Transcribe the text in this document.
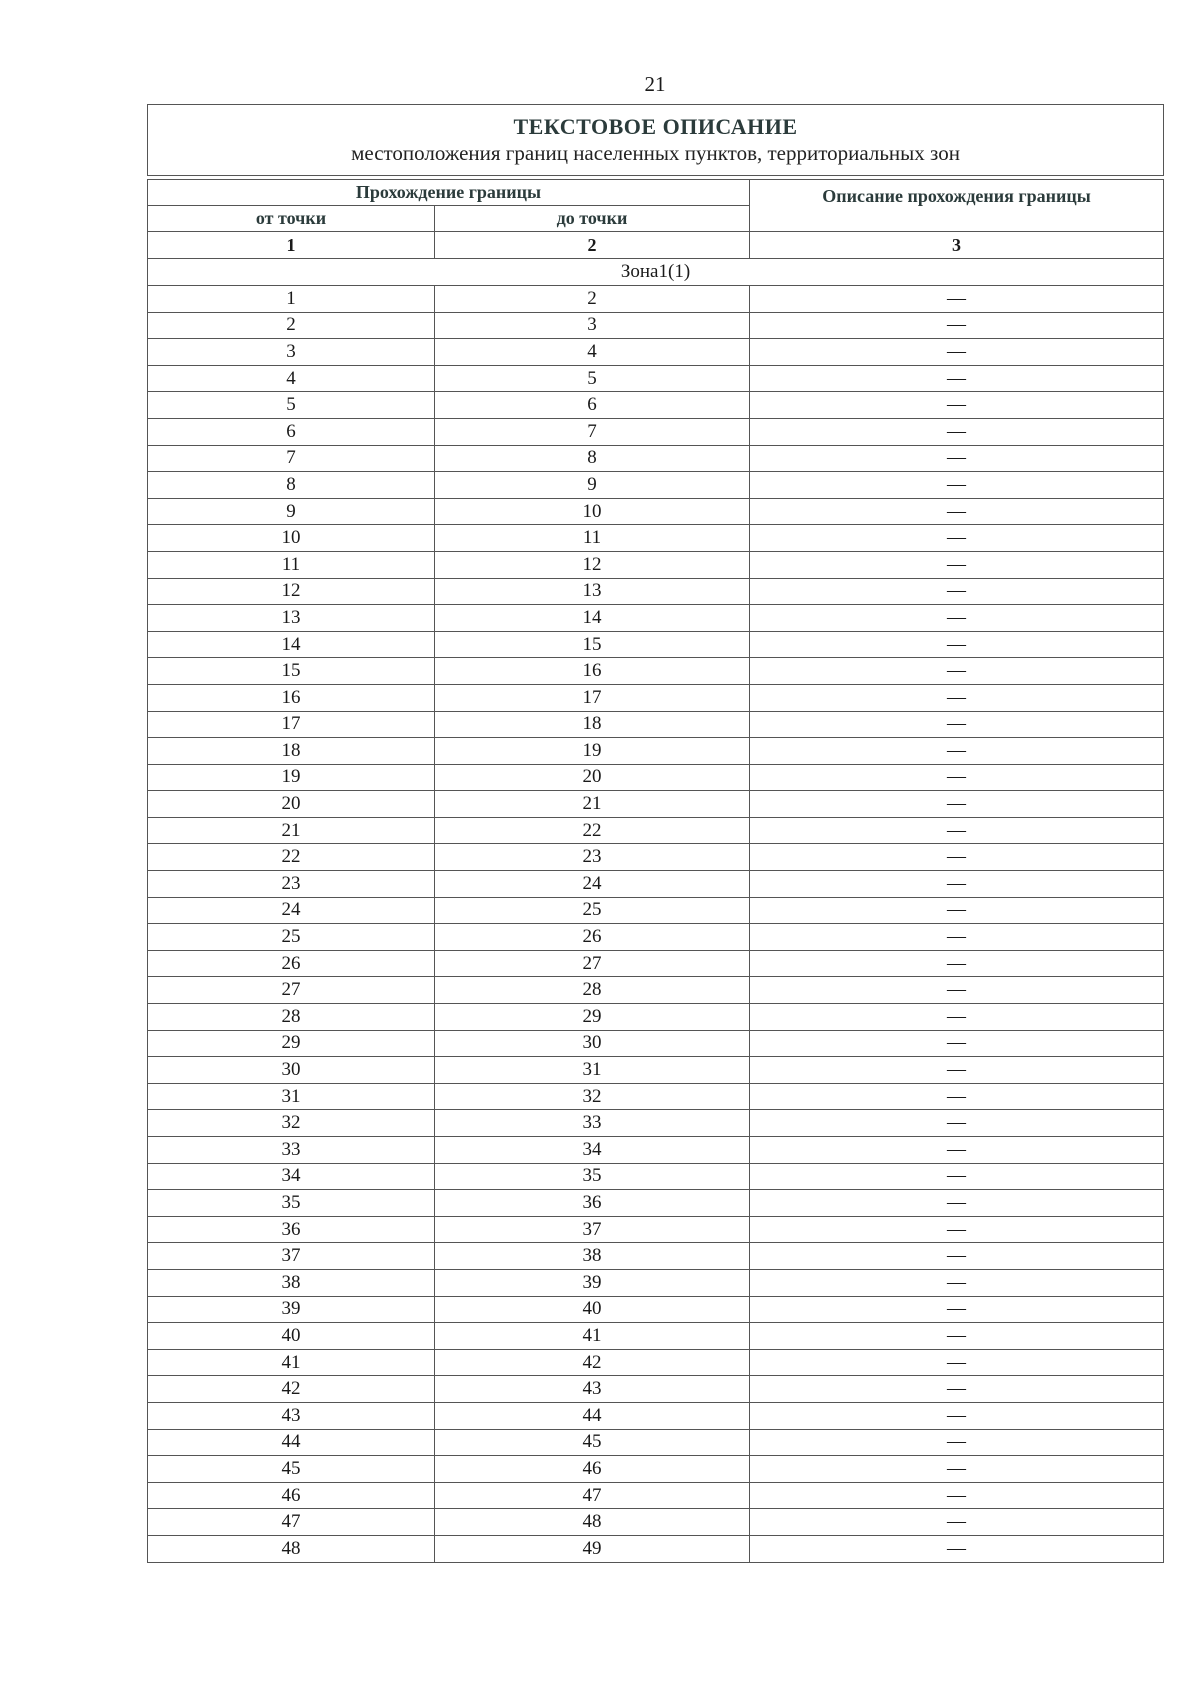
21
ТЕКСТОВОЕ ОПИСАНИЕ
местоположения границ населенных пунктов, территориальных зон		

Прохождение границы		Описание прохождения границы
от точки	до точки	
1	2	3
Зона1(1)		
1	2	—
2	3	—
3	4	—
4	5	—
5	6	—
6	7	—
7	8	—
8	9	—
9	10	—
10	11	—
11	12	—
12	13	—
13	14	—
14	15	—
15	16	—
16	17	—
17	18	—
18	19	—
19	20	—
20	21	—
21	22	—
22	23	—
23	24	—
24	25	—
25	26	—
26	27	—
27	28	—
28	29	—
29	30	—
30	31	—
31	32	—
32	33	—
33	34	—
34	35	—
35	36	—
36	37	—
37	38	—
38	39	—
39	40	—
40	41	—
41	42	—
42	43	—
43	44	—
44	45	—
45	46	—
46	47	—
47	48	—
48	49	—
